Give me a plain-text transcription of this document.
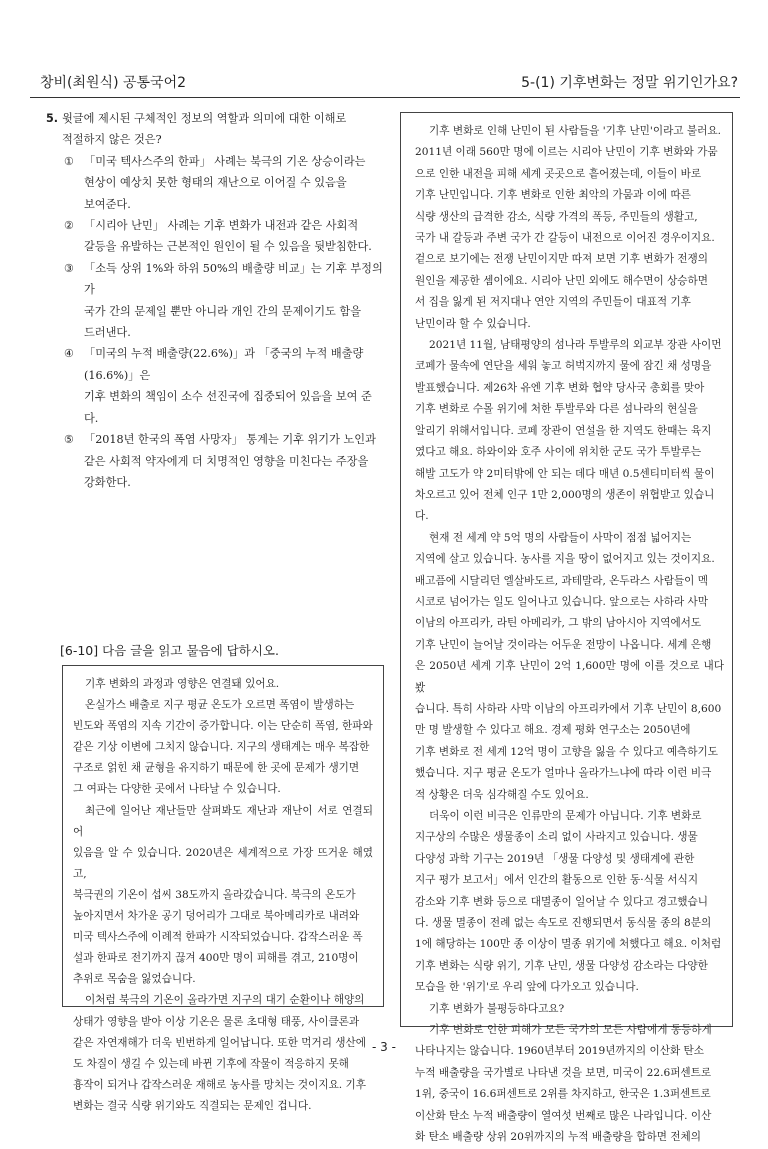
창비(최원식) 공통국어2	5-(1) 기후변화는 정말 위기인가요?
5. 윗글에 제시된 구체적인 정보의 역할과 의미에 대한 이해로
적절하지 않은 것은?
① 「미국 텍사스주의 한파」 사례는 북극의 기온 상승이라는
현상이 예상치 못한 형태의 재난으로 이어질 수 있음을
보여준다.
② 「시리아 난민」 사례는 기후 변화가 내전과 같은 사회적
갈등을 유발하는 근본적인 원인이 될 수 있음을 뒷받침한다.
③ 「소득 상위 1%와 하위 50%의 배출량 비교」는 기후 부정의가
국가 간의 문제일 뿐만 아니라 개인 간의 문제이기도 함을
드러낸다.
④ 「미국의 누적 배출량(22.6%)」과 「중국의 누적 배출량(16.6%)」은
기후 변화의 책임이 소수 선진국에 집중되어 있음을 보여 준다.
⑤ 「2018년 한국의 폭염 사망자」 통계는 기후 위기가 노인과
같은 사회적 약자에게 더 치명적인 영향을 미친다는 주장을
강화한다.
[6-10] 다음 글을 읽고 물음에 답하시오.

기후 변화의 과정과 영향은 연결돼 있어요.

온실가스 배출로 지구 평균 온도가 오르면 폭염이 발생하는
빈도와 폭염의 지속 기간이 증가합니다. 이는 단순히 폭염, 한파와
같은 기상 이변에 그치지 않습니다. 지구의 생태계는 매우 복잡한
구조로 얽힌 채 균형을 유지하기 때문에 한 곳에 문제가 생기면
그 여파는 다양한 곳에서 나타날 수 있습니다.

최근에 일어난 재난들만 살펴봐도 재난과 재난이 서로 연결되어
있음을 알 수 있습니다. 2020년은 세계적으로 가장 뜨거운 해였고,
북극권의 기온이 섭씨 38도까지 올라갔습니다. 북극의 온도가
높아지면서 차가운 공기 덩어리가 그대로 북아메리카로 내려와
미국 텍사스주에 이례적 한파가 시작되었습니다. 갑작스러운 폭
설과 한파로 전기까지 끊겨 400만 명이 피해를 겪고, 210명이
추위로 목숨을 잃었습니다.

이처럼 북극의 기온이 올라가면 지구의 대기 순환이나 해양의
상태가 영향을 받아 이상 기온은 물론 초대형 태풍, 사이클론과
같은 자연재해가 더욱 빈번하게 일어납니다. 또한 먹거리 생산에
도 차질이 생길 수 있는데 바뀐 기후에 작물이 적응하지 못해
흉작이 되거나 갑작스러운 재해로 농사를 망치는 것이지요. 기후
변화는 결국 식량 위기와도 직결되는 문제인 겁니다.

기후 변화로 인해 난민이 된 사람들을 '기후 난민'이라고 불러요.
2011년 이래 560만 명에 이르는 시리아 난민이 기후 변화와 가뭄
으로 인한 내전을 피해 세계 곳곳으로 흩어졌는데, 이들이 바로
기후 난민입니다. 기후 변화로 인한 최악의 가뭄과 이에 따른
식량 생산의 급격한 감소, 식량 가격의 폭등, 주민들의 생활고,
국가 내 갈등과 주변 국가 간 갈등이 내전으로 이어진 경우이지요.
겉으로 보기에는 전쟁 난민이지만 따져 보면 기후 변화가 전쟁의
원인을 제공한 셈이에요. 시리아 난민 외에도 해수면이 상승하면
서 집을 잃게 된 저지대나 연안 지역의 주민들이 대표적 기후
난민이라 할 수 있습니다.

2021년 11월, 남태평양의 섬나라 투발루의 외교부 장관 사이먼
코페가 물속에 연단을 세워 놓고 허벅지까지 물에 잠긴 채 성명을
발표했습니다. 제26차 유엔 기후 변화 협약 당사국 총회를 맞아
기후 변화로 수몰 위기에 처한 투발루와 다른 섬나라의 현실을
알리기 위해서입니다. 코페 장관이 연설을 한 지역도 한때는 육지
였다고 해요. 하와이와 호주 사이에 위치한 군도 국가 투발루는
해발 고도가 약 2미터밖에 안 되는 데다 매년 0.5센티미터씩 물이
차오르고 있어 전체 인구 1만 2,000명의 생존이 위협받고 있습니
다.

현재 전 세계 약 5억 명의 사람들이 사막이 점점 넓어지는
지역에 살고 있습니다. 농사를 지을 땅이 없어지고 있는 것이지요.
배고픔에 시달리던 엘살바도르, 과테말라, 온두라스 사람들이 멕
시코로 넘어가는 일도 일어나고 있습니다. 앞으로는 사하라 사막
이남의 아프리카, 라틴 아메리카, 그 밖의 남아시아 지역에서도
기후 난민이 늘어날 것이라는 어두운 전망이 나옵니다. 세계 은행
은 2050년 세계 기후 난민이 2억 1,600만 명에 이를 것으로 내다봤
습니다. 특히 사하라 사막 이남의 아프리카에서 기후 난민이 8,600
만 명 발생할 수 있다고 해요. 경제 평화 연구소는 2050년에
기후 변화로 전 세계 12억 명이 고향을 잃을 수 있다고 예측하기도
했습니다. 지구 평균 온도가 얼마나 올라가느냐에 따라 이런 비극
적 상황은 더욱 심각해질 수도 있어요.

더욱이 이런 비극은 인류만의 문제가 아닙니다. 기후 변화로
지구상의 수많은 생물종이 소리 없이 사라지고 있습니다. 생물
다양성 과학 기구는 2019년 「생물 다양성 및 생태계에 관한
지구 평가 보고서」에서 인간의 활동으로 인한 동·식물 서식지
감소와 기후 변화 등으로 대멸종이 일어날 수 있다고 경고했습니
다. 생물 멸종이 전례 없는 속도로 진행되면서 동식물 종의 8분의
1에 해당하는 100만 종 이상이 멸종 위기에 처했다고 해요. 이처럼
기후 변화는 식량 위기, 기후 난민, 생물 다양성 감소라는 다양한
모습을 한 '위기'로 우리 앞에 다가오고 있습니다.

기후 변화가 불평등하다고요?

기후 변화로 인한 피해가 모든 국가의 모든 사람에게 동등하게
나타나지는 않습니다. 1960년부터 2019년까지의 이산화 탄소
누적 배출량을 국가별로 나타낸 것을 보면, 미국이 22.6퍼센트로
1위, 중국이 16.6퍼센트로 2위를 차지하고, 한국은 1.3퍼센트로
이산화 탄소 누적 배출량이 열여섯 번째로 많은 나라입니다. 이산
화 탄소 배출량 상위 20위까지의 누적 배출량을 합하면 전체의

- 3 -
